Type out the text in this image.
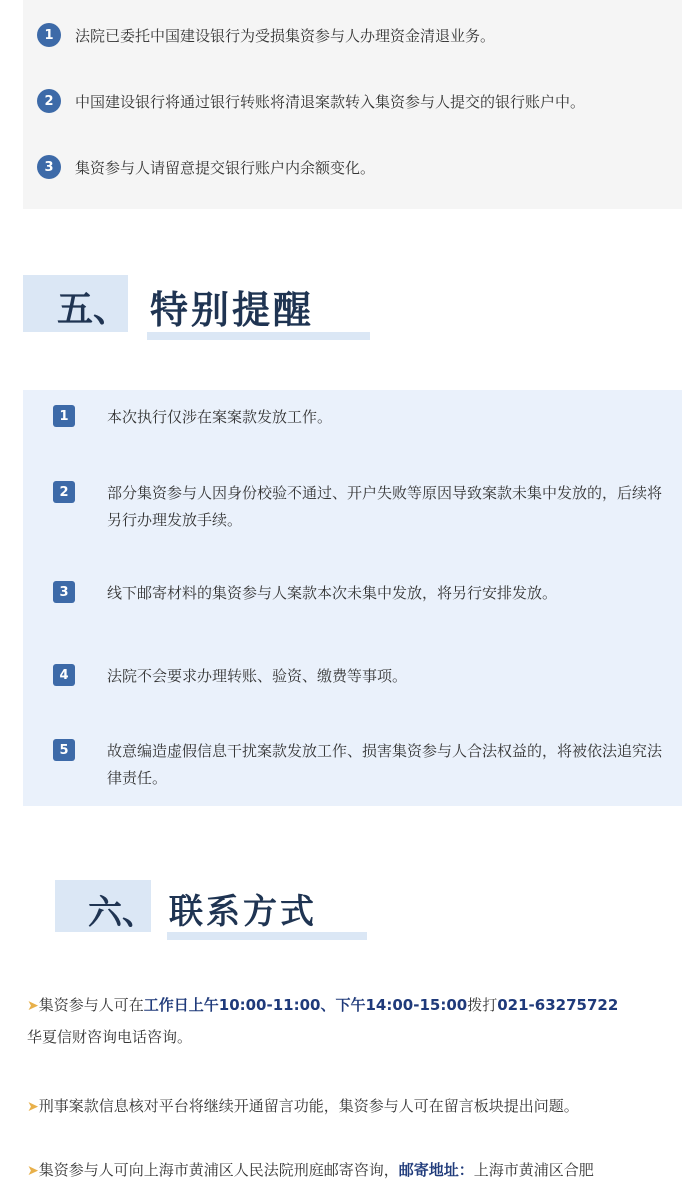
1	法院已委托中国建设银行为受损集资参与人办理资金清退业务。
2	中国建设银行将通过银行转账将清退案款转入集资参与人提交的银行账户中。
3	集资参与人请留意提交银行账户内余额变化。
五、 特别提醒
1	本次执行仅涉在案案款发放工作。
2	部分集资参与人因身份校验不通过、开户失败等原因导致案款未集中发放的，后续将另行办理发放手续。
3	线下邮寄材料的集资参与人案款本次未集中发放，将另行安排发放。
4	法院不会要求办理转账、验资、缴费等事项。
5	故意编造虚假信息干扰案款发放工作、损害集资参与人合法权益的，将被依法追究法律责任。
六、 联系方式
➤集资参与人可在工作日上午10:00-11:00、下午14:00-15:00拨打021-63275722
华夏信财咨询电话咨询。
➤刑事案款信息核对平台将继续开通留言功能，集资参与人可在留言板块提出问题。
➤集资参与人可向上海市黄浦区人民法院刑庭邮寄咨询，邮寄地址：上海市黄浦区合肥
